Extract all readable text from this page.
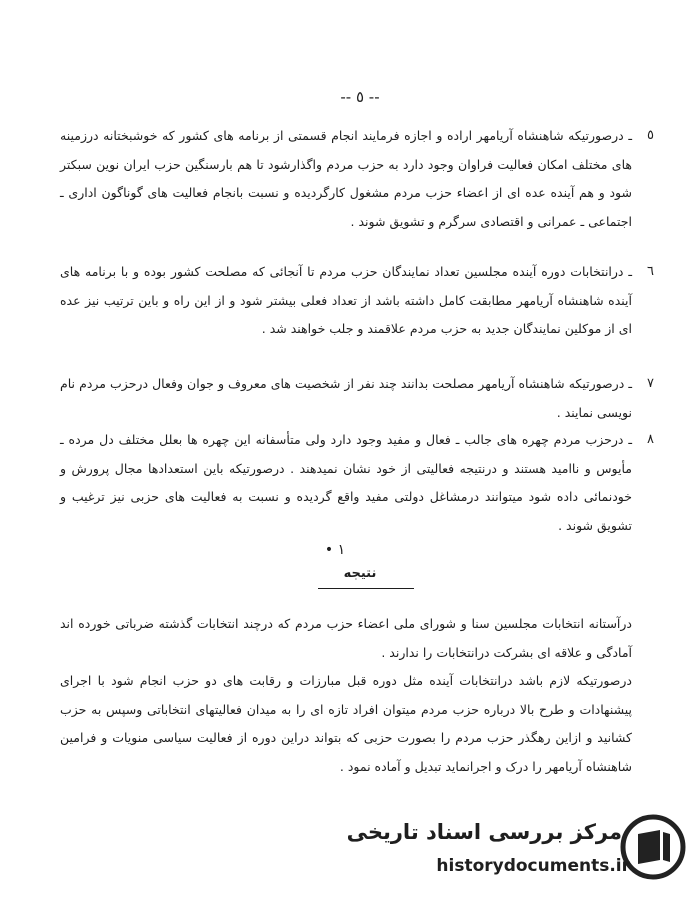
-- ٥ --
٥
ـ درصورتیکه شاهنشاه آریامهر اراده و اجازه فرمایند انجام قسمتی از برنامه های کشور که خوشبختانه درزمینه های مختلف امکان فعالیت فراوان وجود دارد به حزب مردم واگذارشود تا هم بارسنگین حزب ایران نوین سبکتر شود و هم آینده عده ای از اعضاء حزب مردم مشغول کارگردیده و نسبت بانجام فعالیت های گوناگون اداری ـ اجتماعی ـ عمرانی و اقتصادی سرگرم و تشویق شوند .
٦
ـ درانتخابات دوره آینده مجلسین تعداد نمایندگان حزب مردم تا آنجائی که مصلحت کشور بوده و با برنامه های آینده شاهنشاه آریامهر مطابقت کامل داشته باشد از تعداد فعلی بیشتر شود و از این راه و باین ترتیب نیز عده ای از موکلین نمایندگان جدید به حزب مردم علاقمند و جلب خواهند شد .
٧
ـ درصورتیکه شاهنشاه آریامهر مصلحت بدانند چند نفر از شخصیت های معروف و جوان وفعال درحزب مردم نام نویسی نمایند .
٨
ـ درحزب مردم چهره های جالب ـ فعال و مفید وجود دارد ولی متأسفانه این چهره ها بعلل مختلف دل مرده ـ مأیوس و ناامید هستند و درنتیجه فعالیتی از خود نشان نمیدهند . درصورتیکه باین استعدادها مجال پرورش و خودنمائی داده شود میتوانند درمشاغل دولتی مفید واقع گردیده و نسبت به فعالیت های حزبی نیز ترغیب و تشویق شوند .
• ١
نتیجه
درآستانه انتخابات مجلسین سنا و شورای ملی اعضاء حزب مردم که درچند انتخابات گذشته ضرباتی خورده اند آمادگی و علاقه ای بشرکت درانتخابات را ندارند .
درصورتیکه لازم باشد درانتخابات آینده مثل دوره قبل مبارزات و رقابت های دو حزب انجام شود با اجرای پیشنهادات و طرح بالا درباره حزب مردم میتوان افراد تازه ای را به میدان فعالیتهای انتخاباتی وسپس به حزب کشانید و ازاین رهگذر حزب مردم را بصورت حزبی که بتواند دراین دوره از فعالیت سیاسی منویات و فرامین شاهنشاه آریامهر را درک و اجرانماید تبدیل و آماده نمود .
مرکز بررسی اسناد تاریخی
historydocuments.ir
